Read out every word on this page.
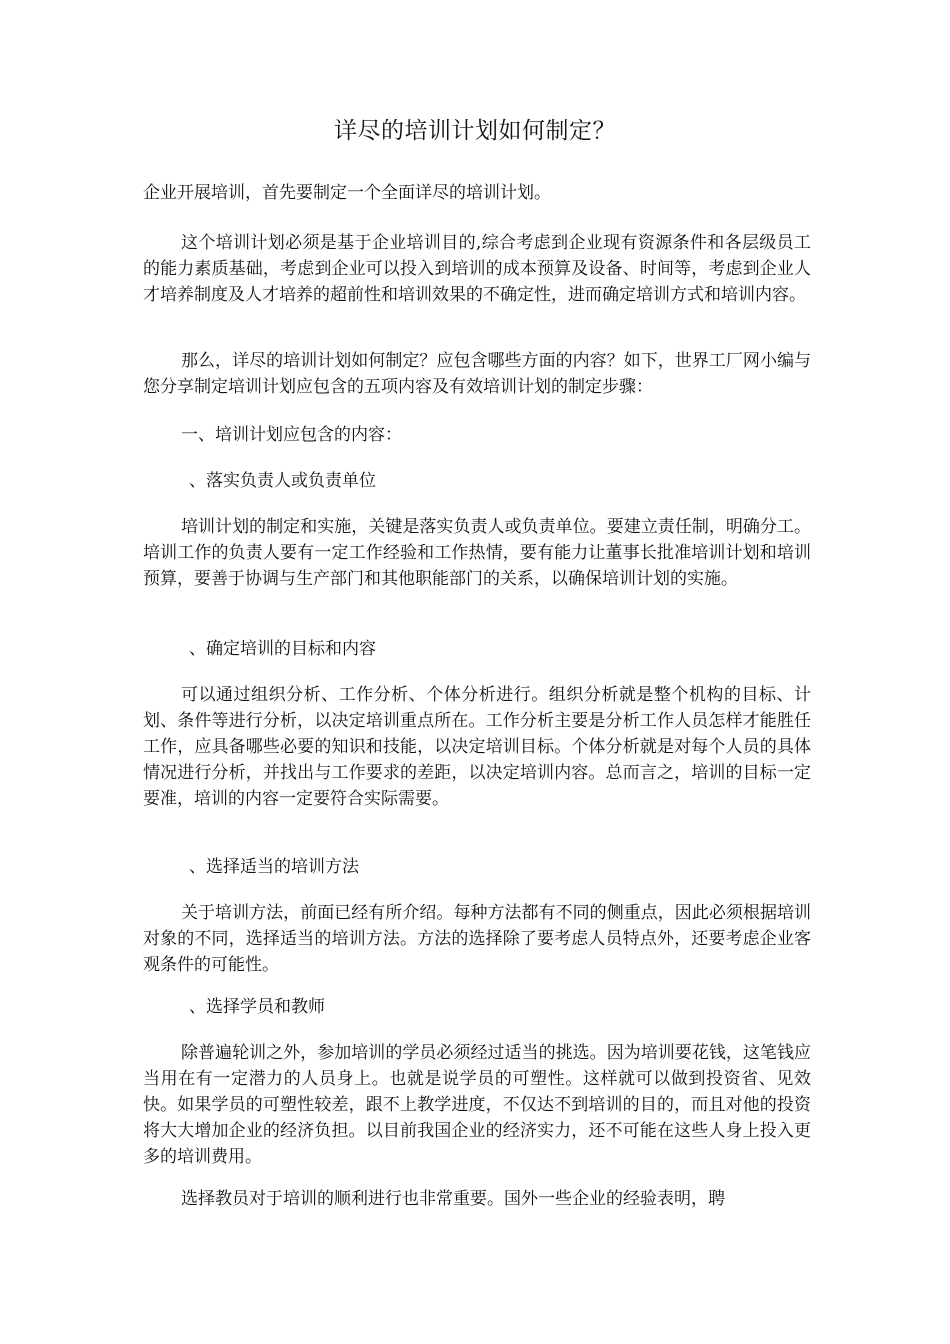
详尽的培训计划如何制定？
企业开展培训，首先要制定一个全面详尽的培训计划。
这个培训计划必须是基于企业培训目的,综合考虑到企业现有资源条件和各层级员工的能力素质基础，考虑到企业可以投入到培训的成本预算及设备、时间等，考虑到企业人才培养制度及人才培养的超前性和培训效果的不确定性，进而确定培训方式和培训内容。
那么，详尽的培训计划如何制定？应包含哪些方面的内容？如下，世界工厂网小编与您分享制定培训计划应包含的五项内容及有效培训计划的制定步骤：
一、培训计划应包含的内容：
、落实负责人或负责单位
培训计划的制定和实施，关键是落实负责人或负责单位。要建立责任制，明确分工。培训工作的负责人要有一定工作经验和工作热情，要有能力让董事长批准培训计划和培训预算，要善于协调与生产部门和其他职能部门的关系，以确保培训计划的实施。
、确定培训的目标和内容
可以通过组织分析、工作分析、个体分析进行。组织分析就是整个机构的目标、计划、条件等进行分析，以决定培训重点所在。工作分析主要是分析工作人员怎样才能胜任工作，应具备哪些必要的知识和技能，以决定培训目标。个体分析就是对每个人员的具体情况进行分析，并找出与工作要求的差距，以决定培训内容。总而言之，培训的目标一定要准，培训的内容一定要符合实际需要。
、选择适当的培训方法
关于培训方法，前面已经有所介绍。每种方法都有不同的侧重点，因此必须根据培训对象的不同，选择适当的培训方法。方法的选择除了要考虑人员特点外，还要考虑企业客观条件的可能性。
、选择学员和教师
除普遍轮训之外，参加培训的学员必须经过适当的挑选。因为培训要花钱，这笔钱应当用在有一定潜力的人员身上。也就是说学员的可塑性。这样就可以做到投资省、见效快。如果学员的可塑性较差，跟不上教学进度，不仅达不到培训的目的，而且对他的投资将大大增加企业的经济负担。以目前我国企业的经济实力，还不可能在这些人身上投入更多的培训费用。
选择教员对于培训的顺利进行也非常重要。国外一些企业的经验表明，聘
